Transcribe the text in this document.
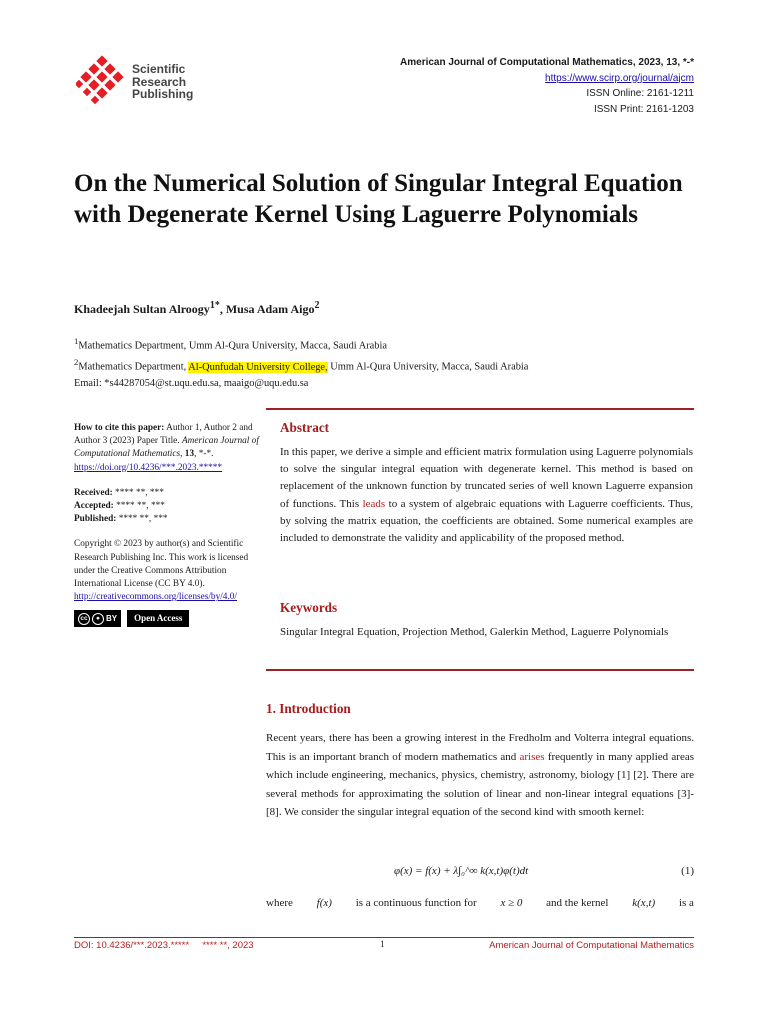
Scientific
Research
Publishing
American Journal of Computational Mathematics, 2023, 13, *-*
https://www.scirp.org/journal/ajcm
ISSN Online: 2161-1211
ISSN Print: 2161-1203
On the Numerical Solution of Singular Integral Equation with Degenerate Kernel Using Laguerre Polynomials
Khadeejah Sultan Alroogy$^{1*}$, Musa Adam Aigo$^2$
$^1$Mathematics Department, Umm Al-Qura University, Macca, Saudi Arabia
$^2$Mathematics Department, Al-Qunfudah University College, Umm Al-Qura University, Macca, Saudi Arabia
Email: *s44287054@st.uqu.edu.sa, maaigo@uqu.edu.sa

How to cite this paper: Author 1, Author 2 and Author 3 (2023) Paper Title. American Journal of Computational Mathematics, 13, *-*.

https://doi.org/10.4236/***.2023.*****

Received: **** **, ***

Accepted: **** **, ***

Published: **** **, ***

Copyright © 2023 by author(s) and Scientific Research Publishing Inc. This work is licensed under the Creative Commons Attribution International License (CC BY 4.0).

http://creativecommons.org/licenses/by/4.0/

cc	● BY	Open Access
Abstract

In this paper, we derive a simple and efficient matrix formulation using Laguerre polynomials to solve the singular integral equation with degenerate kernel. This method is based on replacement of the unknown function by truncated series of well known Laguerre expansion of functions. This leads to a system of algebraic equations with Laguerre coefficients. Thus, by solving the matrix equation, the coefficients are obtained. Some numerical examples are included to demonstrate the validity and applicability of the proposed method.

Keywords

Singular Integral Equation, Projection Method, Galerkin Method, Laguerre Polynomials

1. Introduction

Recent years, there has been a growing interest in the Fredholm and Volterra integral equations. This is an important branch of modern mathematics and arises frequently in many applied areas which include engineering, mechanics, physics, chemistry, astronomy, biology [1] [2]. There are several methods for approximating the solution of linear and non-linear integral equations [3]-[8]. We consider the singular integral equation of the second kind with smooth kernel:

φ(x) = f(x) + λ∫₀^∞ k(x,t)φ(t)dt	(1)
where f(x) is a continuous function for x ≥ 0 and the kernel k(x,t) is a
DOI: 10.4236/***.2023.*****     **** **, 2023	1	American Journal of Computational Mathematics
